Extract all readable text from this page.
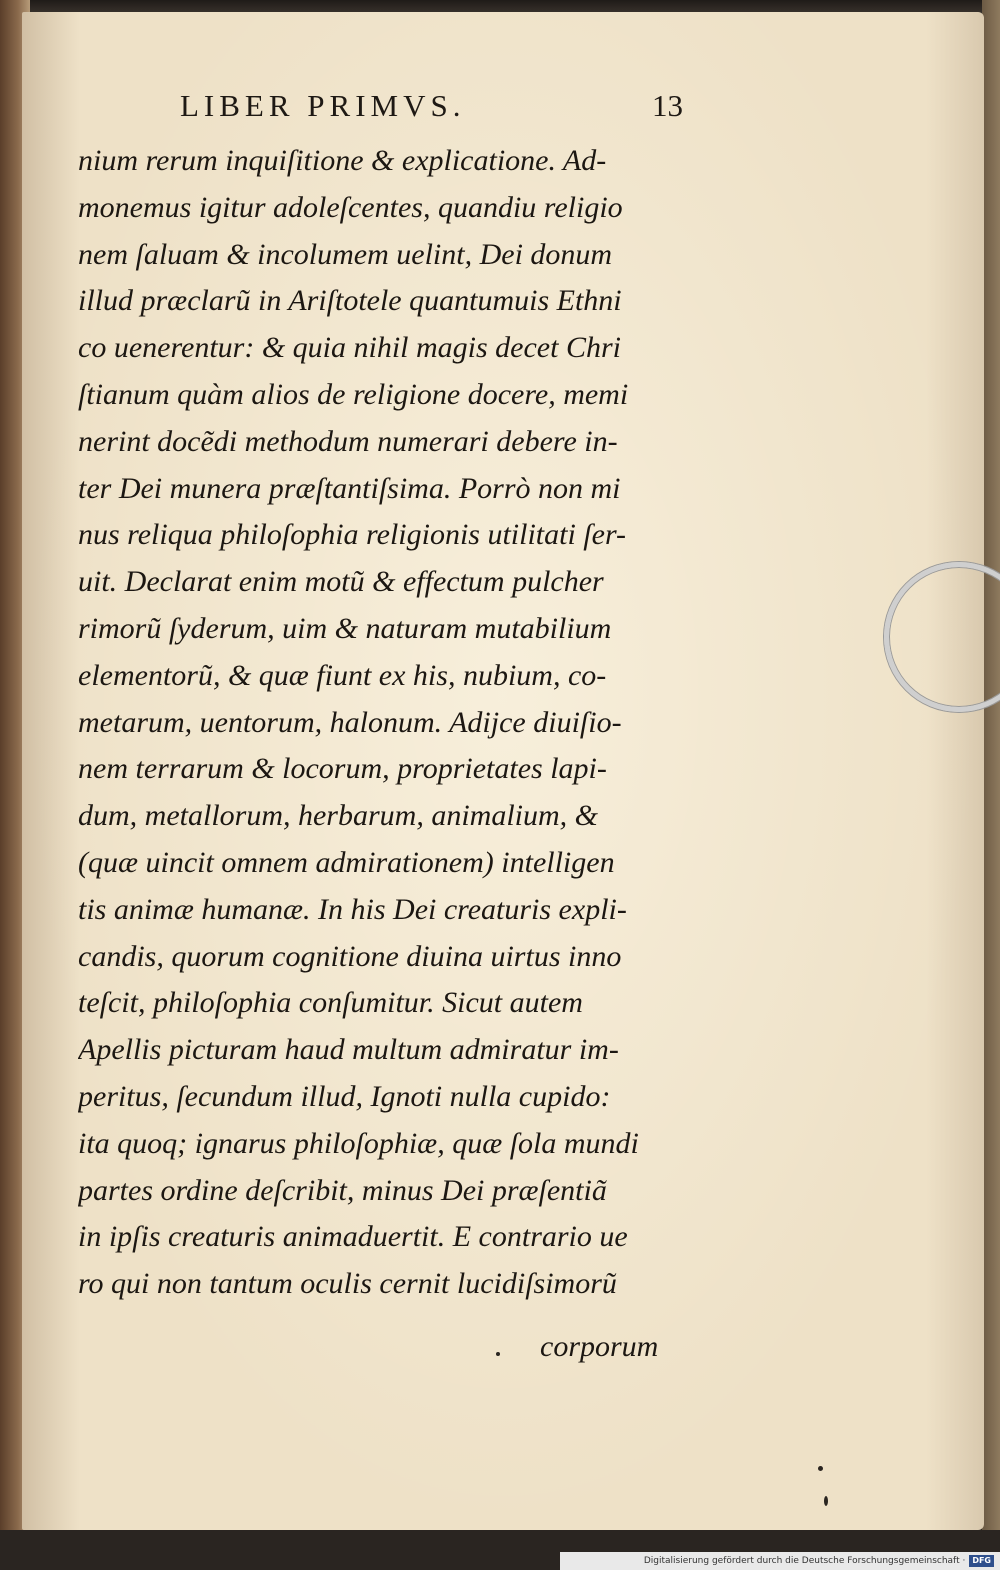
LIBER PRIMVS.	13
nium rerum inquiſitione & explicatione. Ad-
monemus igitur adoleſcentes, quandiu religio
nem ſaluam & incolumem uelint, Dei donum
illud præclarũ in Ariſtotele quantumuis Ethni
co uenerentur: & quia nihil magis decet Chri
ſtianum quàm alios de religione docere, memi
nerint docẽdi methodum numerari debere in-
ter Dei munera præſtantiſsima. Porrò non mi
nus reliqua philoſophia religionis utilitati ſer-
uit. Declarat enim motũ & effectum pulcher
rimorũ ſyderum, uim & naturam mutabilium
elementorũ, & quæ fiunt ex his, nubium, co-
metarum, uentorum, halonum. Adijce diuiſio-
nem terrarum & locorum, proprietates lapi-
dum, metallorum, herbarum, animalium, &
(quæ uincit omnem admirationem) intelligen
tis animæ humanæ. In his Dei creaturis expli-
candis, quorum cognitione diuina uirtus inno
teſcit, philoſophia conſumitur. Sicut autem
Apellis picturam haud multum admiratur im-
peritus, ſecundum illud, Ignoti nulla cupido:
ita quoq; ignarus philoſophiæ, quæ ſola mundi
partes ordine deſcribit, minus Dei præſentiã
in ipſis creaturis animaduertit. E contrario ue
ro qui non tantum oculis cernit lucidiſsimorũ
corporum
Digitalisierung gefördert durch die Deutsche Forschungsgemeinschaft · DFG
